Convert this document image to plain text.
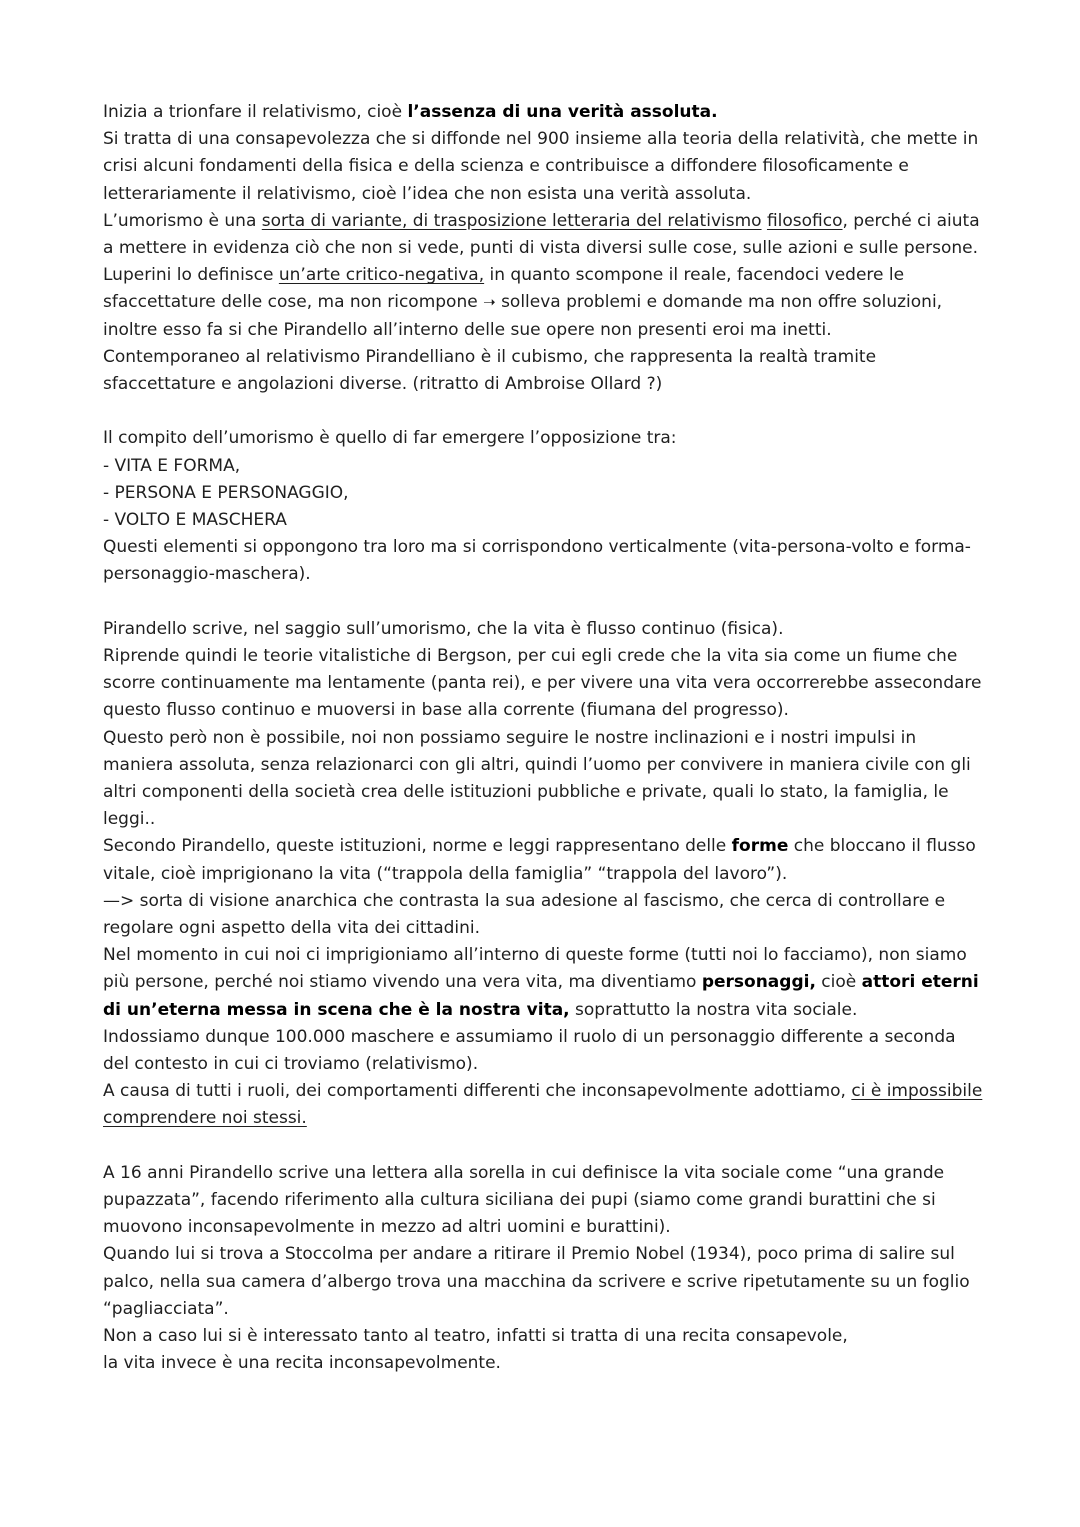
Inizia a trionfare il relativismo, cioè l’assenza di una verità assoluta.

Si tratta di una consapevolezza che si diffonde nel 900 insieme alla teoria della relatività, che mette in crisi alcuni fondamenti della fisica e della scienza e contribuisce a diffondere filosoficamente e letterariamente il relativismo, cioè l’idea che non esista una verità assoluta.

L’umorismo è una sorta di variante, di trasposizione letteraria del relativismo filosofico, perché ci aiuta a mettere in evidenza ciò che non si vede, punti di vista diversi sulle cose, sulle azioni e sulle persone.

Luperini lo definisce un’arte critico-negativa, in quanto scompone il reale, facendoci vedere le sfaccettature delle cose, ma non ricompone ➝ solleva problemi e domande ma non offre soluzioni, inoltre esso fa si che Pirandello all’interno delle sue opere non presenti eroi ma inetti.

Contemporaneo al relativismo Pirandelliano è il cubismo, che rappresenta la realtà tramite sfaccettature e angolazioni diverse. (ritratto di Ambroise Ollard ?)

Il compito dell’umorismo è quello di far emergere l’opposizione tra:

- VITA E FORMA,

- PERSONA E PERSONAGGIO,

- VOLTO E MASCHERA

Questi elementi si oppongono tra loro ma si corrispondono verticalmente (vita-persona-volto e forma-personaggio-maschera).

Pirandello scrive, nel saggio sull’umorismo, che la vita è flusso continuo (fisica).

Riprende quindi le teorie vitalistiche di Bergson, per cui egli crede che la vita sia come un fiume che scorre continuamente ma lentamente (panta rei), e per vivere una vita vera occorrerebbe assecondare questo flusso continuo e muoversi in base alla corrente (fiumana del progresso).

Questo però non è possibile, noi non possiamo seguire le nostre inclinazioni e i nostri impulsi in maniera assoluta, senza relazionarci con gli altri, quindi l’uomo per convivere in maniera civile con gli altri componenti della società crea delle istituzioni pubbliche e private, quali lo stato, la famiglia, le leggi..

Secondo Pirandello, queste istituzioni, norme e leggi rappresentano delle forme che bloccano il flusso vitale, cioè imprigionano la vita (“trappola della famiglia” “trappola del lavoro”).

—> sorta di visione anarchica che contrasta la sua adesione al fascismo, che cerca di controllare e regolare ogni aspetto della vita dei cittadini.

Nel momento in cui noi ci imprigioniamo all’interno di queste forme (tutti noi lo facciamo), non siamo più persone, perché noi stiamo vivendo una vera vita, ma diventiamo personaggi, cioè attori eterni di un’eterna messa in scena che è la nostra vita, soprattutto la nostra vita sociale.

Indossiamo dunque 100.000 maschere e assumiamo il ruolo di un personaggio differente a seconda del contesto in cui ci troviamo (relativismo).

A causa di tutti i ruoli, dei comportamenti differenti che inconsapevolmente adottiamo, ci è impossibile comprendere noi stessi.

A 16 anni Pirandello scrive una lettera alla sorella in cui definisce la vita sociale come “una grande pupazzata”, facendo riferimento alla cultura siciliana dei pupi (siamo come grandi burattini che si muovono inconsapevolmente in mezzo ad altri uomini e burattini).

Quando lui si trova a Stoccolma per andare a ritirare il Premio Nobel (1934), poco prima di salire sul palco, nella sua camera d’albergo trova una macchina da scrivere e scrive ripetutamente su un foglio “pagliacciata”.

Non a caso lui si è interessato tanto al teatro, infatti si tratta di una recita consapevole,

la vita invece è una recita inconsapevolmente.
